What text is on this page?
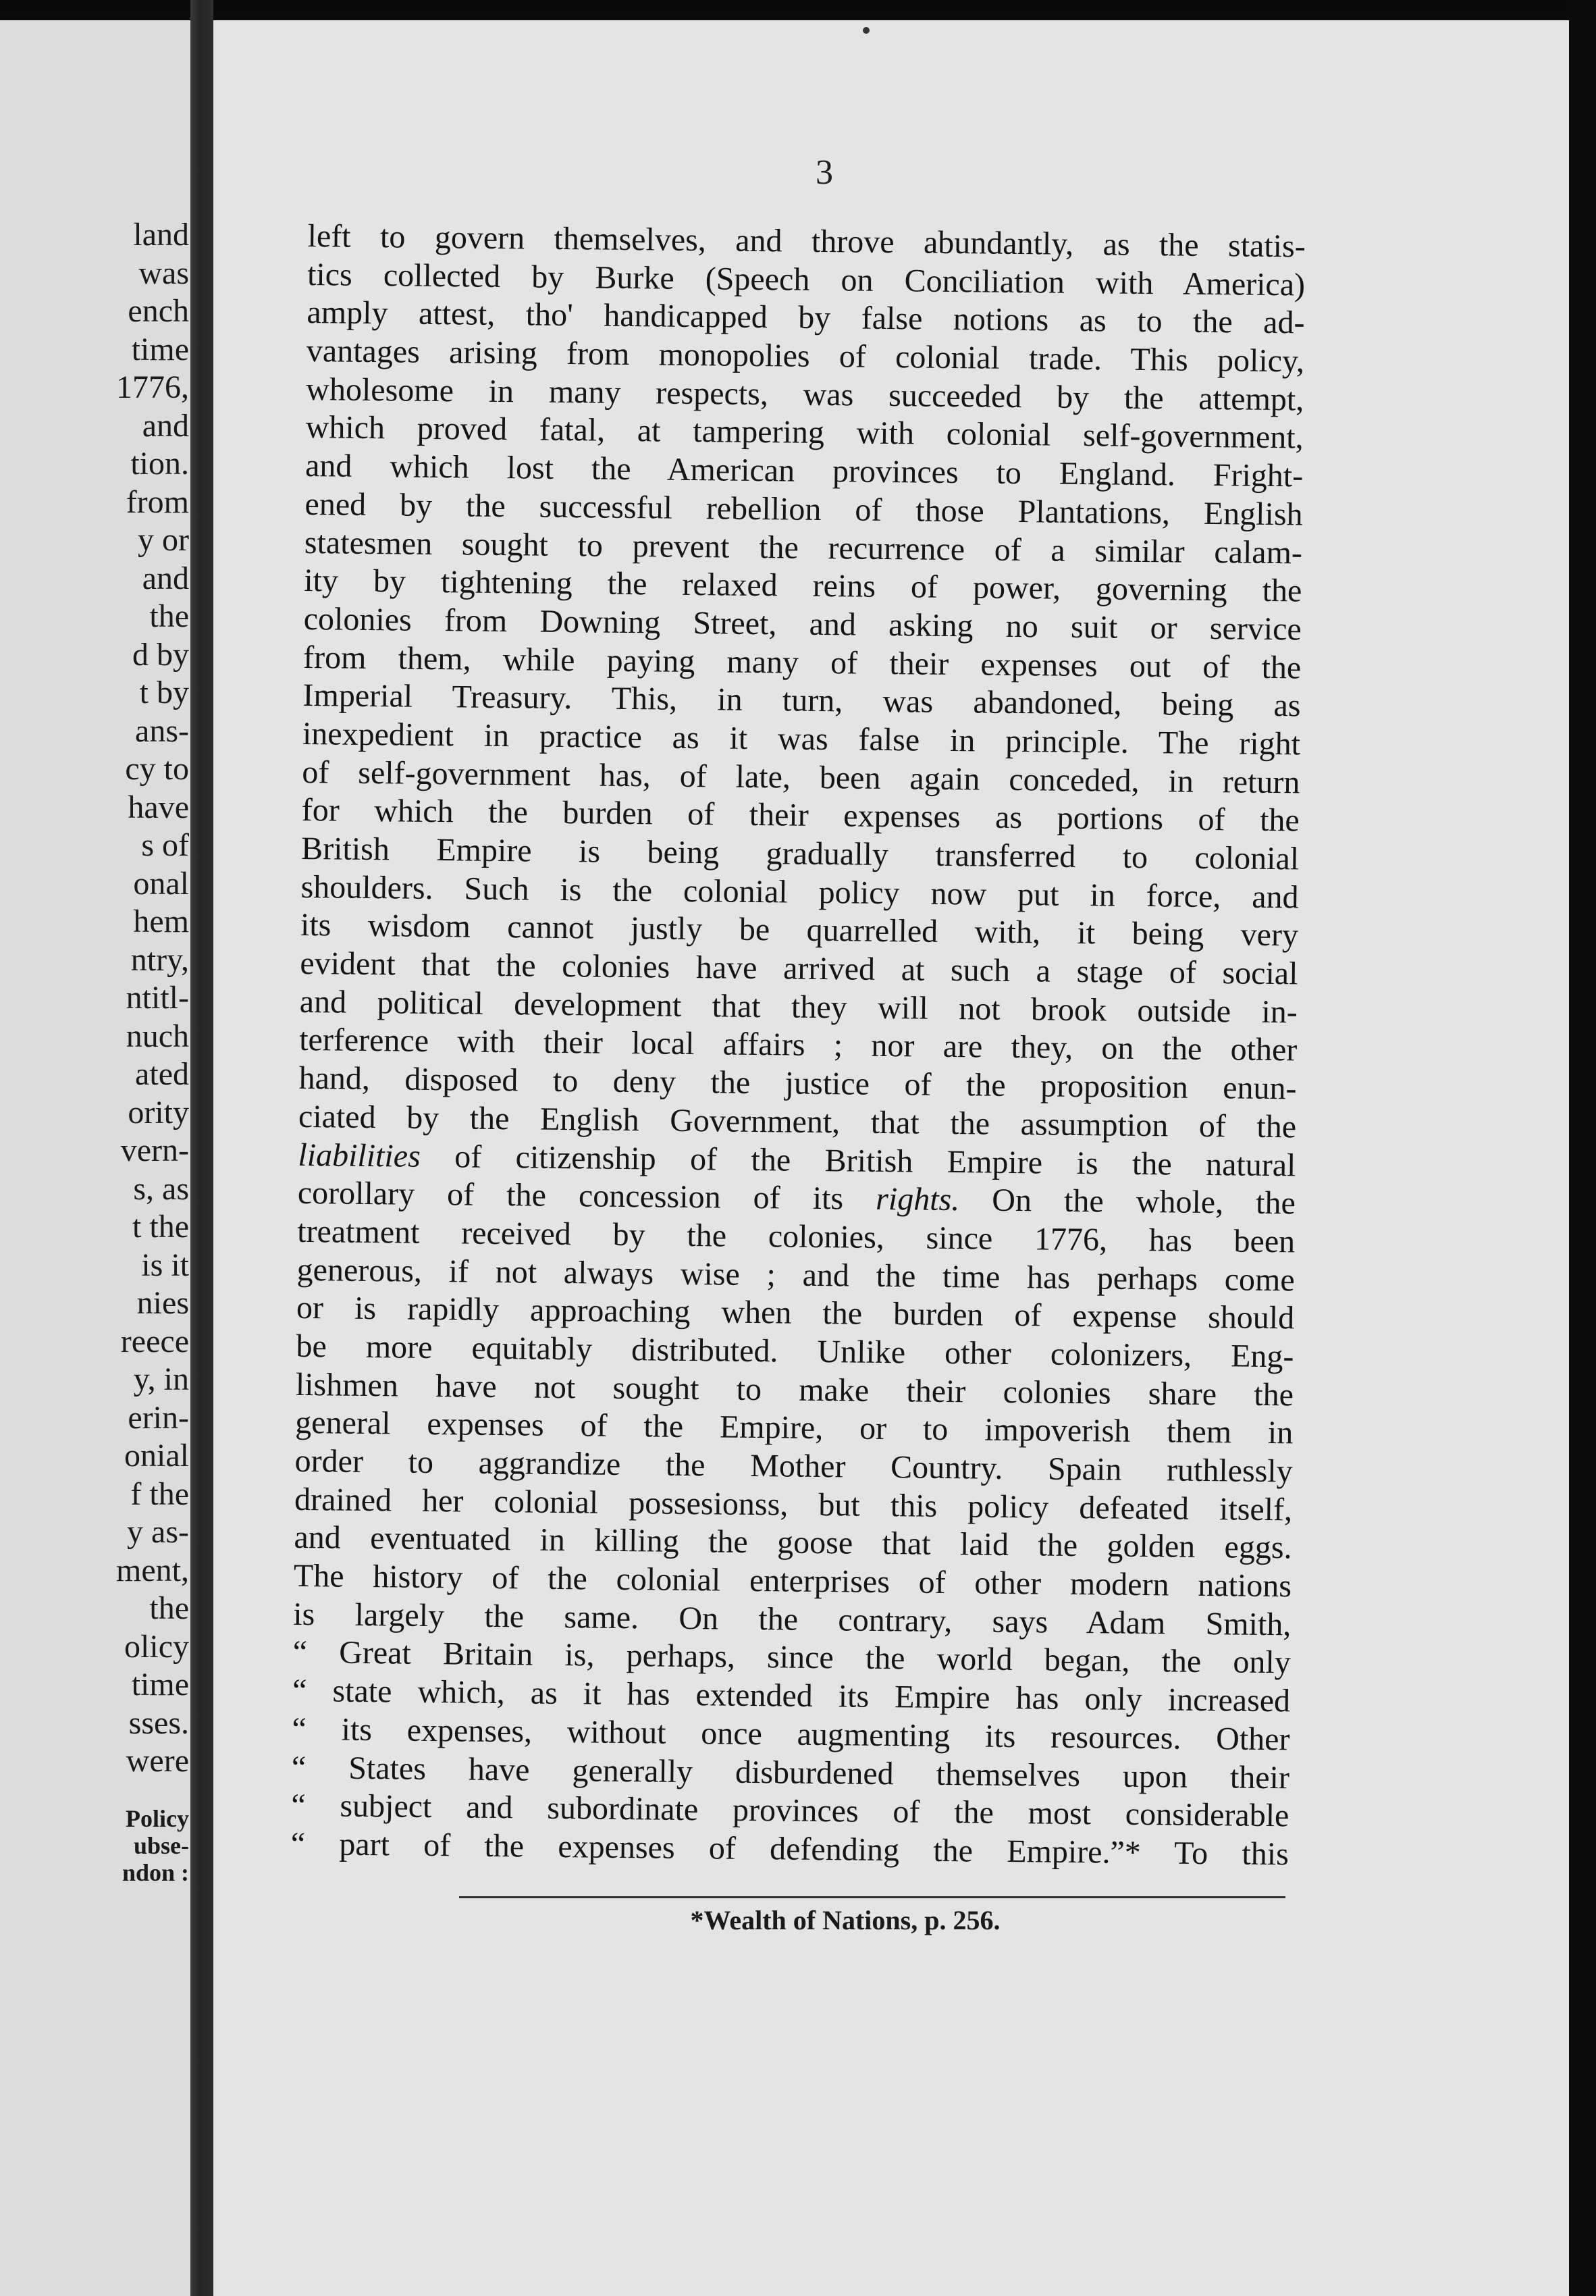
land
was
ench
time
1776,
and
tion.
from
y or
and
the
d by
t by
ans-
cy to
have
s of
onal
hem
ntry,
ntitl-
nuch
ated
ority
vern-
s, as
t the
is it
nies
reece
y, in
erin-
onial
f the
y as-
ment,
the
olicy
time
sses.
were
Policy
ubse-
ndon :
3
left to govern themselves, and throve abundantly, as the statis-
tics collected by Burke (Speech on Conciliation with America)
amply attest, tho' handicapped by false notions as to the ad-
vantages arising from monopolies of colonial trade. This policy,
wholesome in many respects, was succeeded by the attempt,
which proved fatal, at tampering with colonial self-government,
and which lost the American provinces to England. Fright-
ened by the successful rebellion of those Plantations, English
statesmen sought to prevent the recurrence of a similar calam-
ity by tightening the relaxed reins of power, governing the
colonies from Downing Street, and asking no suit or service
from them, while paying many of their expenses out of the
Imperial Treasury. This, in turn, was abandoned, being as
inexpedient in practice as it was false in principle. The right
of self-government has, of late, been again conceded, in return
for which the burden of their expenses as portions of the
British Empire is being gradually transferred to colonial
shoulders. Such is the colonial policy now put in force, and
its wisdom cannot justly be quarrelled with, it being very
evident that the colonies have arrived at such a stage of social
and political development that they will not brook outside in-
terference with their local affairs ; nor are they, on the other
hand, disposed to deny the justice of the proposition enun-
ciated by the English Government, that the assumption of the
liabilities of citizenship of the British Empire is the natural
corollary of the concession of its rights. On the whole, the
treatment received by the colonies, since 1776, has been
generous, if not always wise ; and the time has perhaps come
or is rapidly approaching when the burden of expense should
be more equitably distributed. Unlike other colonizers, Eng-
lishmen have not sought to make their colonies share the
general expenses of the Empire, or to impoverish them in
order to aggrandize the Mother Country. Spain ruthlessly
drained her colonial possesionss, but this policy defeated itself,
and eventuated in killing the goose that laid the golden eggs.
The history of the colonial enterprises of other modern nations
is largely the same. On the contrary, says Adam Smith,
“ Great Britain is, perhaps, since the world began, the only
“ state which, as it has extended its Empire has only increased
“ its expenses, without once augmenting its resources. Other
“ States have generally disburdened themselves upon their
“ subject and subordinate provinces of the most considerable
“ part of the expenses of defending the Empire.”* To this
*Wealth of Nations, p. 256.
